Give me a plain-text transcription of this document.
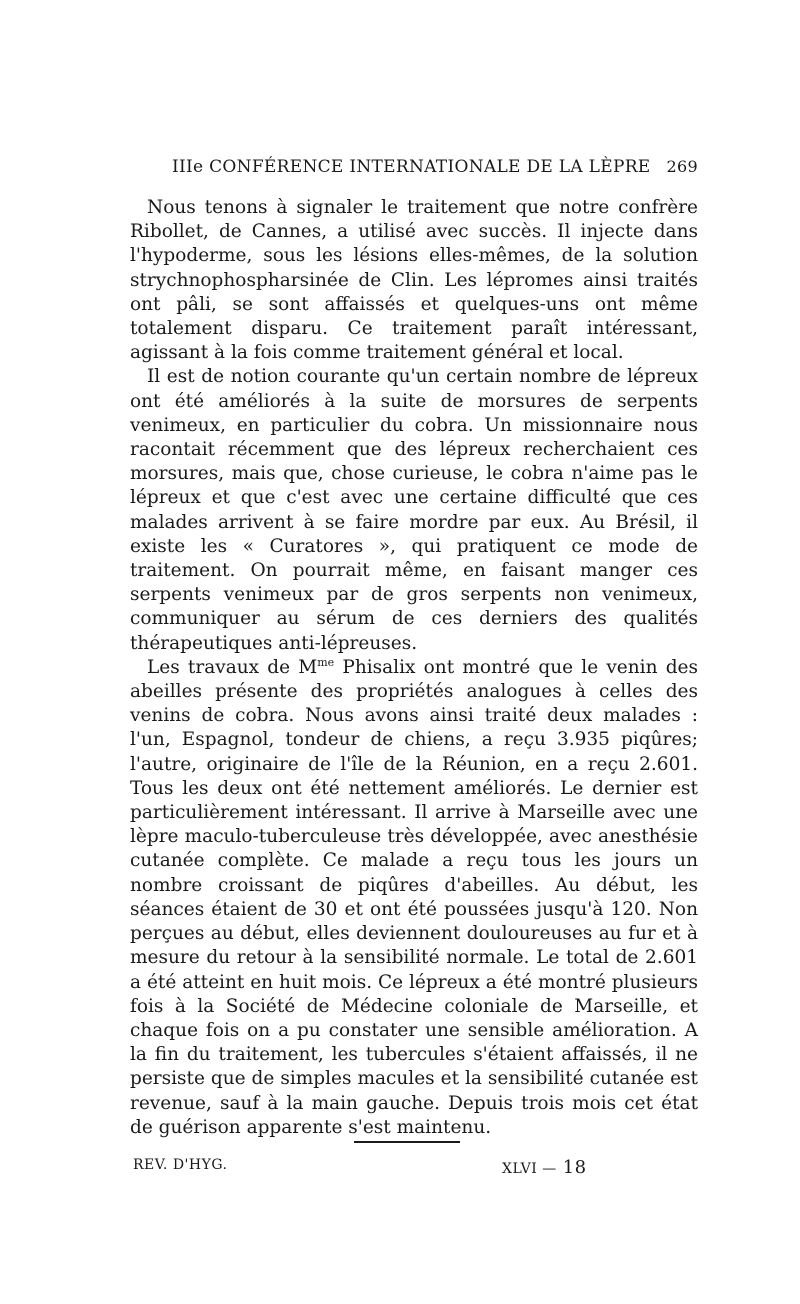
IIIe CONFÉRENCE INTERNATIONALE DE LA LÈPRE 269

Nous tenons à signaler le traitement que notre confrère Ribollet, de Cannes, a utilisé avec succès. Il injecte dans l'hypoderme, sous les lésions elles-mêmes, de la solution strychnophospharsinée de Clin. Les lépromes ainsi traités ont pâli, se sont affaissés et quelques-uns ont même totalement disparu. Ce traitement paraît intéressant, agissant à la fois comme traitement général et local.

Il est de notion courante qu'un certain nombre de lépreux ont été améliorés à la suite de morsures de serpents venimeux, en particulier du cobra. Un missionnaire nous racontait récemment que des lépreux recherchaient ces morsures, mais que, chose curieuse, le cobra n'aime pas le lépreux et que c'est avec une certaine difficulté que ces malades arrivent à se faire mordre par eux. Au Brésil, il existe les « Curatores », qui pratiquent ce mode de traitement. On pourrait même, en faisant manger ces serpents venimeux par de gros serpents non venimeux, communiquer au sérum de ces derniers des qualités thérapeutiques anti-lépreuses.

Les travaux de $M^{me}$ Phisalix ont montré que le venin des abeilles présente des propriétés analogues à celles des venins de cobra. Nous avons ainsi traité deux malades : l'un, Espagnol, tondeur de chiens, a reçu 3.935 piqûres; l'autre, originaire de l'île de la Réunion, en a reçu 2.601. Tous les deux ont été nettement améliorés. Le dernier est particulièrement intéressant. Il arrive à Marseille avec une lèpre maculo-tuberculeuse très développée, avec anesthésie cutanée complète. Ce malade a reçu tous les jours un nombre croissant de piqûres d'abeilles. Au début, les séances étaient de 30 et ont été poussées jusqu'à 120. Non perçues au début, elles deviennent douloureuses au fur et à mesure du retour à la sensibilité normale. Le total de 2.601 a été atteint en huit mois. Ce lépreux a été montré plusieurs fois à la Société de Médecine coloniale de Marseille, et chaque fois on a pu constater une sensible amélioration. A la fin du traitement, les tubercules s'étaient affaissés, il ne persiste que de simples macules et la sensibilité cutanée est revenue, sauf à la main gauche. Depuis trois mois cet état de guérison apparente s'est maintenu.

REV. D'HYG.	XLVI — 18
